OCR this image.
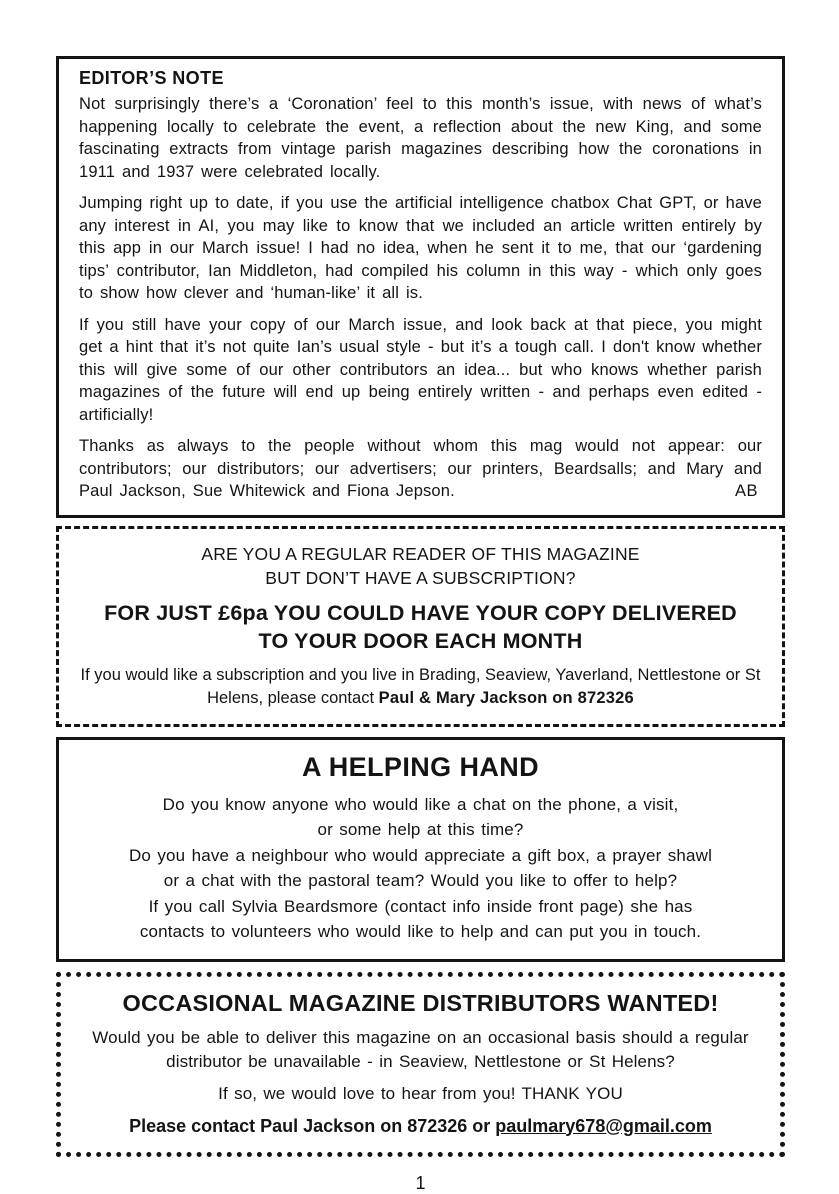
EDITOR’S NOTE

Not surprisingly there’s a ‘Coronation’ feel to this month’s issue, with news of what’s happening locally to celebrate the event, a reflection about the new King, and some fascinating extracts from vintage parish magazines describing how the coronations in 1911 and 1937 were celebrated locally.

Jumping right up to date, if you use the artificial intelligence chatbox Chat GPT, or have any interest in AI, you may like to know that we included an article written entirely by this app in our March issue! I had no idea, when he sent it to me, that our ‘gardening tips’ contributor, Ian Middleton, had compiled his column in this way - which only goes to show how clever and ‘human-like’ it all is.

If you still have your copy of our March issue, and look back at that piece, you might get a hint that it’s not quite Ian’s usual style - but it’s a tough call. I don't know whether this will give some of our other contributors an idea... but who knows whether parish magazines of the future will end up being entirely written - and perhaps even edited - artificially!

Thanks as always to the people without whom this mag would not appear: our contributors; our distributors; our advertisers; our printers, Beardsalls; and Mary and Paul Jackson, Sue Whitewick and Fiona Jepson.	AB

ARE YOU A REGULAR READER OF THIS MAGAZINE
BUT DON’T HAVE A SUBSCRIPTION?
FOR JUST £6pa YOU COULD HAVE YOUR COPY DELIVERED
TO YOUR DOOR EACH MONTH
If you would like a subscription and you live in Brading, Seaview, Yaverland, Nettlestone or St Helens, please contact Paul & Mary Jackson on 872326
A HELPING HAND
Do you know anyone who would like a chat on the phone, a visit,
or some help at this time?
Do you have a neighbour who would appreciate a gift box, a prayer shawl
or a chat with the pastoral team? Would you like to offer to help?
If you call Sylvia Beardsmore (contact info inside front page) she has
contacts to volunteers who would like to help and can put you in touch.
OCCASIONAL MAGAZINE DISTRIBUTORS WANTED!

Would you be able to deliver this magazine on an occasional basis should a regular distributor be unavailable - in Seaview, Nettlestone or St Helens?

If so, we would love to hear from you! THANK YOU

Please contact Paul Jackson on 872326 or paulmary678@gmail.com
1
